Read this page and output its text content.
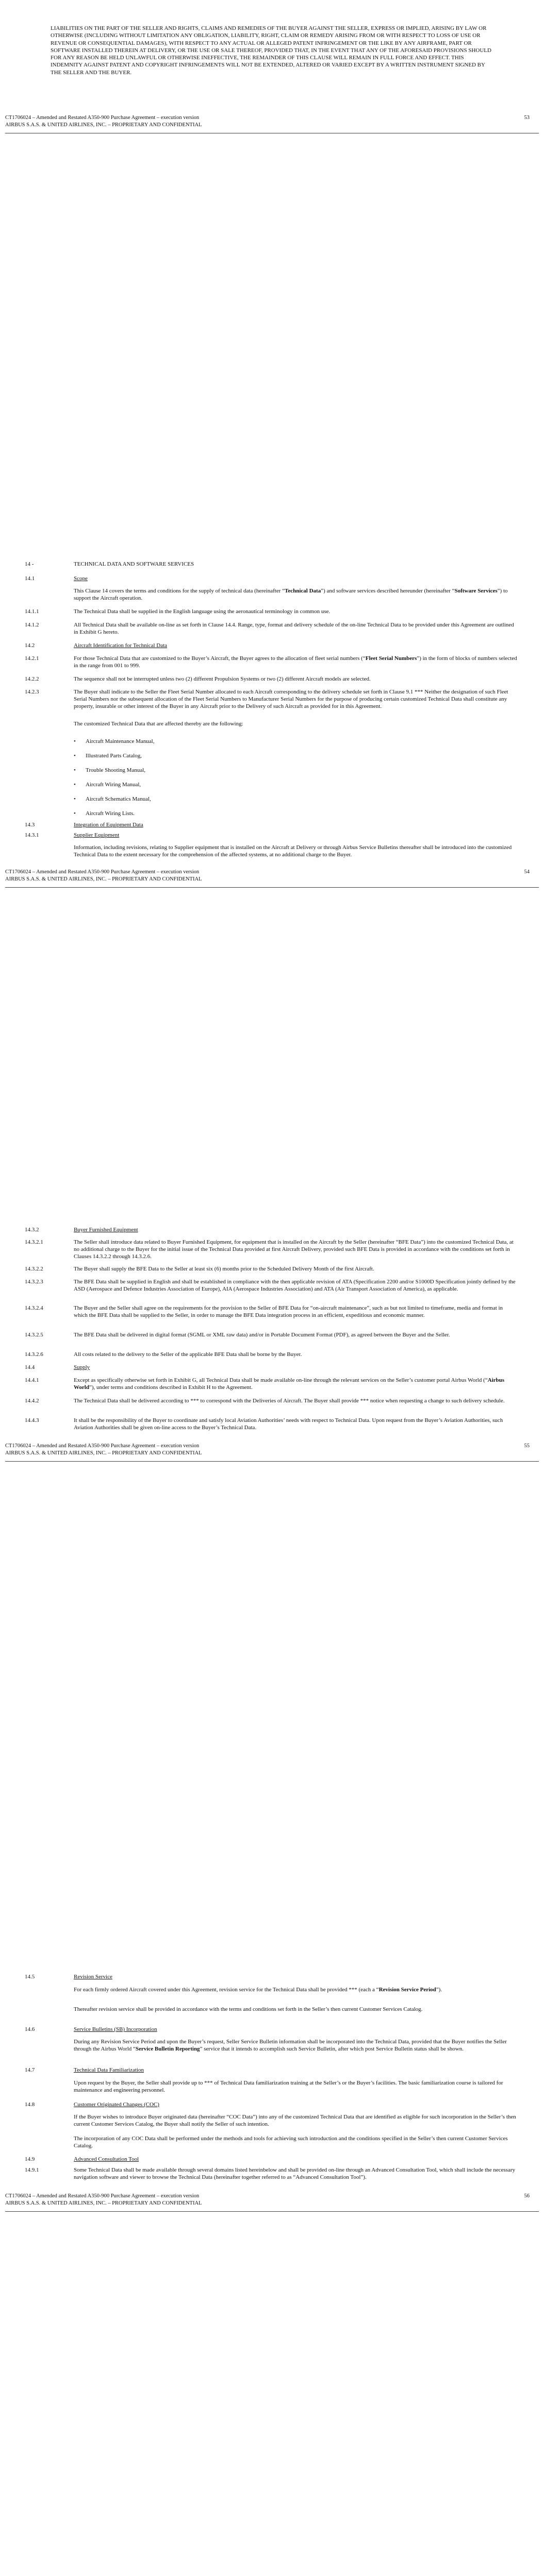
LIABILITIES ON THE PART OF THE SELLER AND RIGHTS, CLAIMS AND REMEDIES OF THE BUYER AGAINST THE SELLER, EXPRESS OR IMPLIED, ARISING BY LAW OR OTHERWISE (INCLUDING WITHOUT LIMITATION ANY OBLIGATION, LIABILITY, RIGHT, CLAIM OR REMEDY ARISING FROM OR WITH RESPECT TO LOSS OF USE OR REVENUE OR CONSEQUENTIAL DAMAGES), WITH RESPECT TO ANY ACTUAL OR ALLEGED PATENT INFRINGEMENT OR THE LIKE BY ANY AIRFRAME, PART OR SOFTWARE INSTALLED THEREIN AT DELIVERY, OR THE USE OR SALE THEREOF, PROVIDED THAT, IN THE EVENT THAT ANY OF THE AFORESAID PROVISIONS SHOULD FOR ANY REASON BE HELD UNLAWFUL OR OTHERWISE INEFFECTIVE, THE REMAINDER OF THIS CLAUSE WILL REMAIN IN FULL FORCE AND EFFECT. THIS INDEMNITY AGAINST PATENT AND COPYRIGHT INFRINGEMENTS WILL NOT BE EXTENDED, ALTERED OR VARIED EXCEPT BY A WRITTEN INSTRUMENT SIGNED BY THE SELLER AND THE BUYER.
CT1706024 – Amended and Restated A350-900 Purchase Agreement – execution version
AIRBUS S.A.S. & UNITED AIRLINES, INC. – PROPRIETARY AND CONFIDENTIAL
53
14 -	TECHNICAL DATA AND SOFTWARE SERVICES
14.1	Scope
This Clause 14 covers the terms and conditions for the supply of technical data (hereinafter “Technical Data”) and software services described hereunder (hereinafter “Software Services”) to support the Aircraft operation.
14.1.1	The Technical Data shall be supplied in the English language using the aeronautical terminology in common use.
14.1.2	All Technical Data shall be available on-line as set forth in Clause 14.4. Range, type, format and delivery schedule of the on-line Technical Data to be provided under this Agreement are outlined in Exhibit G hereto.
14.2	Aircraft Identification for Technical Data
14.2.1	For those Technical Data that are customized to the Buyer’s Aircraft, the Buyer agrees to the allocation of fleet serial numbers (“Fleet Serial Numbers”) in the form of blocks of numbers selected in the range from 001 to 999.
14.2.2	The sequence shall not be interrupted unless two (2) different Propulsion Systems or two (2) different Aircraft models are selected.
14.2.3	The Buyer shall indicate to the Seller the Fleet Serial Number allocated to each Aircraft corresponding to the delivery schedule set forth in Clause 9.1 *** Neither the designation of such Fleet Serial Numbers nor the subsequent allocation of the Fleet Serial Numbers to Manufacturer Serial Numbers for the purpose of producing certain customized Technical Data shall constitute any property, insurable or other interest of the Buyer in any Aircraft prior to the Delivery of such Aircraft as provided for in this Agreement.
The customized Technical Data that are affected thereby are the following:
• Aircraft Maintenance Manual,
• Illustrated Parts Catalog,
• Trouble Shooting Manual,
• Aircraft Wiring Manual,
• Aircraft Schematics Manual,
• Aircraft Wiring Lists.
14.3	Integration of Equipment Data
14.3.1	Supplier Equipment
Information, including revisions, relating to Supplier equipment that is installed on the Aircraft at Delivery or through Airbus Service Bulletins thereafter shall be introduced into the customized Technical Data to the extent necessary for the comprehension of the affected systems, at no additional charge to the Buyer.
CT1706024 – Amended and Restated A350-900 Purchase Agreement – execution version
AIRBUS S.A.S. & UNITED AIRLINES, INC. – PROPRIETARY AND CONFIDENTIAL
54
14.3.2	Buyer Furnished Equipment
14.3.2.1	The Seller shall introduce data related to Buyer Furnished Equipment, for equipment that is installed on the Aircraft by the Seller (hereinafter “BFE Data”) into the customized Technical Data, at no additional charge to the Buyer for the initial issue of the Technical Data provided at first Aircraft Delivery, provided such BFE Data is provided in accordance with the conditions set forth in Clauses 14.3.2.2 through 14.3.2.6.
14.3.2.2	The Buyer shall supply the BFE Data to the Seller at least six (6) months prior to the Scheduled Delivery Month of the first Aircraft.
14.3.2.3	The BFE Data shall be supplied in English and shall be established in compliance with the then applicable revision of ATA (Specification 2200 and/or S1000D Specification jointly defined by the ASD (Aerospace and Defence Industries Association of Europe), AIA (Aerospace Industries Association) and ATA (Air Transport Association of America), as applicable.
14.3.2.4	The Buyer and the Seller shall agree on the requirements for the provision to the Seller of BFE Data for “on-aircraft maintenance”, such as but not limited to timeframe, media and format in which the BFE Data shall be supplied to the Seller, in order to manage the BFE Data integration process in an efficient, expeditious and economic manner.
14.3.2.5	The BFE Data shall be delivered in digital format (SGML or XML raw data) and/or in Portable Document Format (PDF), as agreed between the Buyer and the Seller.
14.3.2.6	All costs related to the delivery to the Seller of the applicable BFE Data shall be borne by the Buyer.
14.4	Supply
14.4.1	Except as specifically otherwise set forth in Exhibit G, all Technical Data shall be made available on-line through the relevant services on the Seller’s customer portal Airbus World (“Airbus World”), under terms and conditions described in Exhibit H to the Agreement.
14.4.2	The Technical Data shall be delivered according to *** to correspond with the Deliveries of Aircraft. The Buyer shall provide *** notice when requesting a change to such delivery schedule.
14.4.3	It shall be the responsibility of the Buyer to coordinate and satisfy local Aviation Authorities’ needs with respect to Technical Data. Upon request from the Buyer’s Aviation Authorities, such Aviation Authorities shall be given on-line access to the Buyer’s Technical Data.
CT1706024 – Amended and Restated A350-900 Purchase Agreement – execution version
AIRBUS S.A.S. & UNITED AIRLINES, INC. – PROPRIETARY AND CONFIDENTIAL
55
14.5	Revision Service
For each firmly ordered Aircraft covered under this Agreement, revision service for the Technical Data shall be provided *** (each a “Revision Service Period”).
Thereafter revision service shall be provided in accordance with the terms and conditions set forth in the Seller’s then current Customer Services Catalog.
14.6	Service Bulletins (SB) Incorporation
During any Revision Service Period and upon the Buyer’s request, Seller Service Bulletin information shall be incorporated into the Technical Data, provided that the Buyer notifies the Seller through the Airbus World “Service Bulletin Reporting” service that it intends to accomplish such Service Bulletin, after which post Service Bulletin status shall be shown.
14.7	Technical Data Familiarization
Upon request by the Buyer, the Seller shall provide up to *** of Technical Data familiarization training at the Seller’s or the Buyer’s facilities. The basic familiarization course is tailored for maintenance and engineering personnel.
14.8	Customer Originated Changes (COC)
If the Buyer wishes to introduce Buyer originated data (hereinafter “COC Data”) into any of the customized Technical Data that are identified as eligible for such incorporation in the Seller’s then current Customer Services Catalog, the Buyer shall notify the Seller of such intention.
The incorporation of any COC Data shall be performed under the methods and tools for achieving such introduction and the conditions specified in the Seller’s then current Customer Services Catalog.
14.9	Advanced Consultation Tool
14.9.1	Some Technical Data shall be made available through several domains listed hereinbelow and shall be provided on-line through an Advanced Consultation Tool, which shall include the necessary navigation software and viewer to browse the Technical Data (hereinafter together referred to as “Advanced Consultation Tool”).
CT1706024 – Amended and Restated A350-900 Purchase Agreement – execution version
AIRBUS S.A.S. & UNITED AIRLINES, INC. – PROPRIETARY AND CONFIDENTIAL
56
